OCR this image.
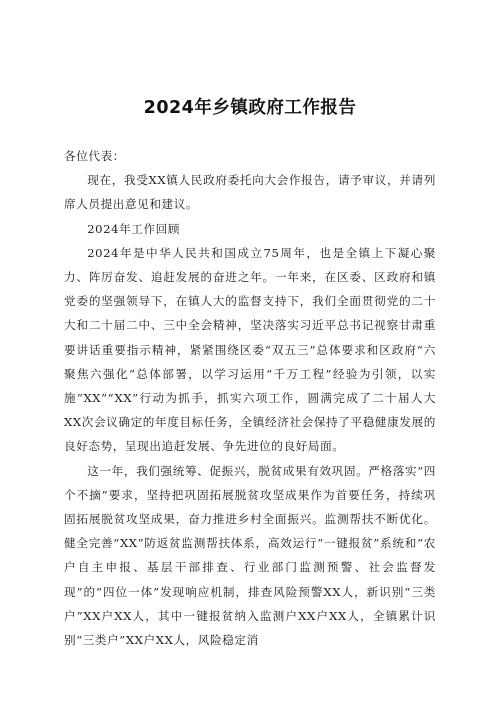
2024年乡镇政府工作报告

各位代表：

现在，我受XX镇人民政府委托向大会作报告，请予审议，并请列席人员提出意见和建议。

2024年工作回顾

2024年是中华人民共和国成立75周年，也是全镇上下凝心聚力、阵厉奋发、追赶发展的奋进之年。一年来，在区委、区政府和镇党委的坚强领导下，在镇人大的监督支持下，我们全面贯彻党的二十大和二十届二中、三中全会精神，坚决落实习近平总书记视察甘肃重要讲话重要指示精神，紧紧围绕区委“双五三”总体要求和区政府“六聚焦六强化”总体部署，以学习运用“千万工程”经验为引领，以实施“XX”“XX”行动为抓手，抓实六项工作，圆满完成了二十届人大XX次会议确定的年度目标任务，全镇经济社会保持了平稳健康发展的良好态势，呈现出追赶发展、争先进位的良好局面。

这一年，我们强统筹、促振兴，脱贫成果有效巩固。严格落实“四个不摘”要求，坚持把巩固拓展脱贫攻坚成果作为首要任务，持续巩固拓展脱贫攻坚成果，奋力推进乡村全面振兴。监测帮扶不断优化。健全完善“XX”防返贫监测帮扶体系，高效运行“一键报贫”系统和“农户自主申报、基层干部排查、行业部门监测预警、社会监督发现”的“四位一体”发现响应机制，排查风险预警XX人，新识别“三类户”XX户XX人，其中一键报贫纳入监测户XX户XX人，全镇累计识别“三类户”XX户XX人，风险稳定消
